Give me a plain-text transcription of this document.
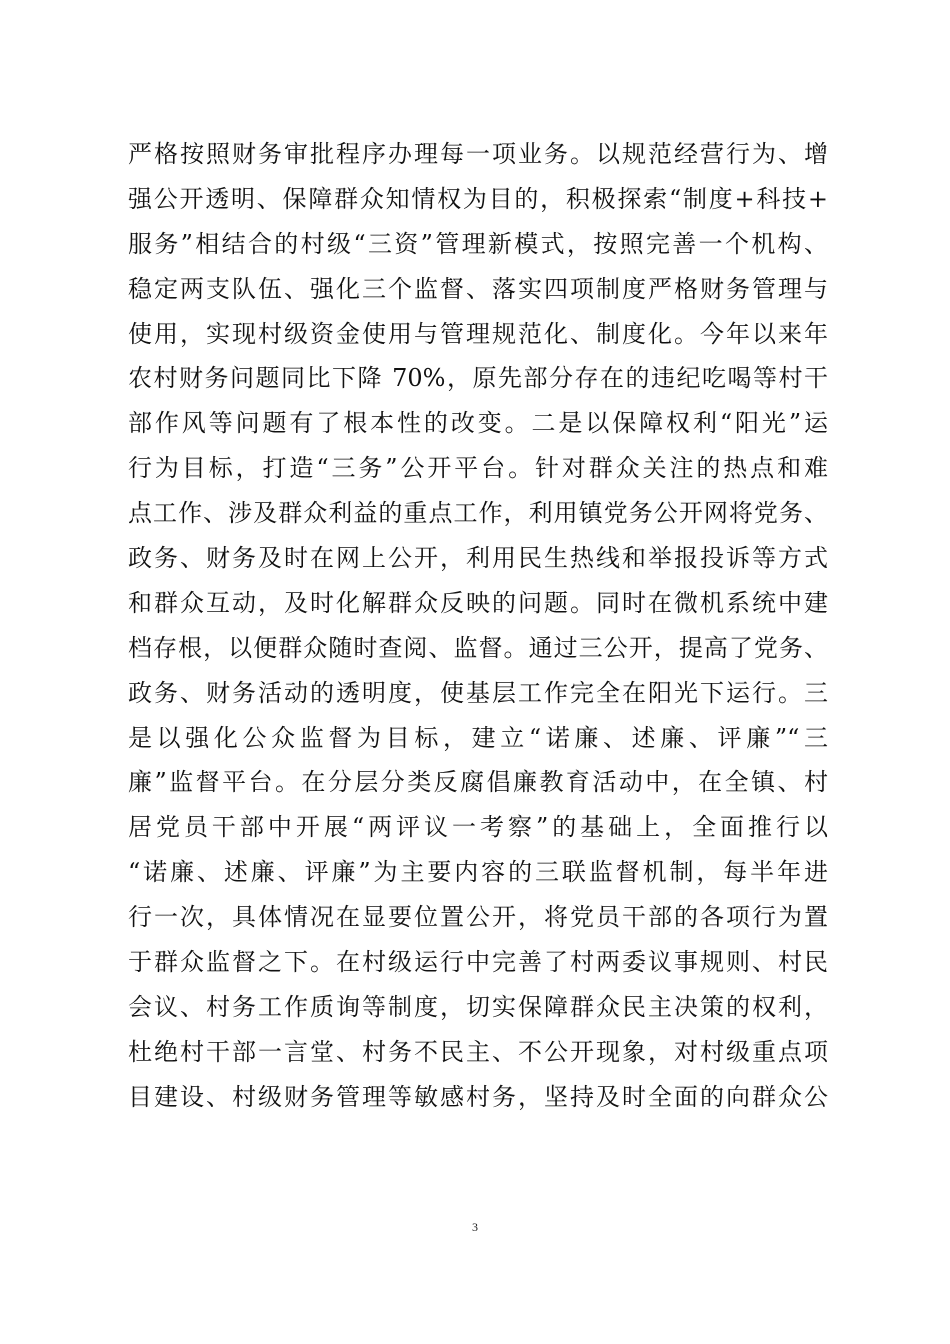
严格按照财务审批程序办理每一项业务。以规范经营行为、增
强公开透明、保障群众知情权为目的，积极探索“制度+科技+
服务”相结合的村级“三资”管理新模式，按照完善一个机构、
稳定两支队伍、强化三个监督、落实四项制度严格财务管理与
使用，实现村级资金使用与管理规范化、制度化。今年以来年
农村财务问题同比下降 70%，原先部分存在的违纪吃喝等村干
部作风等问题有了根本性的改变。二是以保障权利“阳光”运
行为目标，打造“三务”公开平台。针对群众关注的热点和难
点工作、涉及群众利益的重点工作，利用镇党务公开网将党务、
政务、财务及时在网上公开，利用民生热线和举报投诉等方式
和群众互动，及时化解群众反映的问题。同时在微机系统中建
档存根，以便群众随时查阅、监督。通过三公开，提高了党务、
政务、财务活动的透明度，使基层工作完全在阳光下运行。三
是以强化公众监督为目标，建立“诺廉、述廉、评廉”“三
廉”监督平台。在分层分类反腐倡廉教育活动中，在全镇、村
居党员干部中开展“两评议一考察”的基础上，全面推行以
“诺廉、述廉、评廉”为主要内容的三联监督机制，每半年进
行一次，具体情况在显要位置公开，将党员干部的各项行为置
于群众监督之下。在村级运行中完善了村两委议事规则、村民
会议、村务工作质询等制度，切实保障群众民主决策的权利，
杜绝村干部一言堂、村务不民主、不公开现象，对村级重点项
目建设、村级财务管理等敏感村务，坚持及时全面的向群众公
3
